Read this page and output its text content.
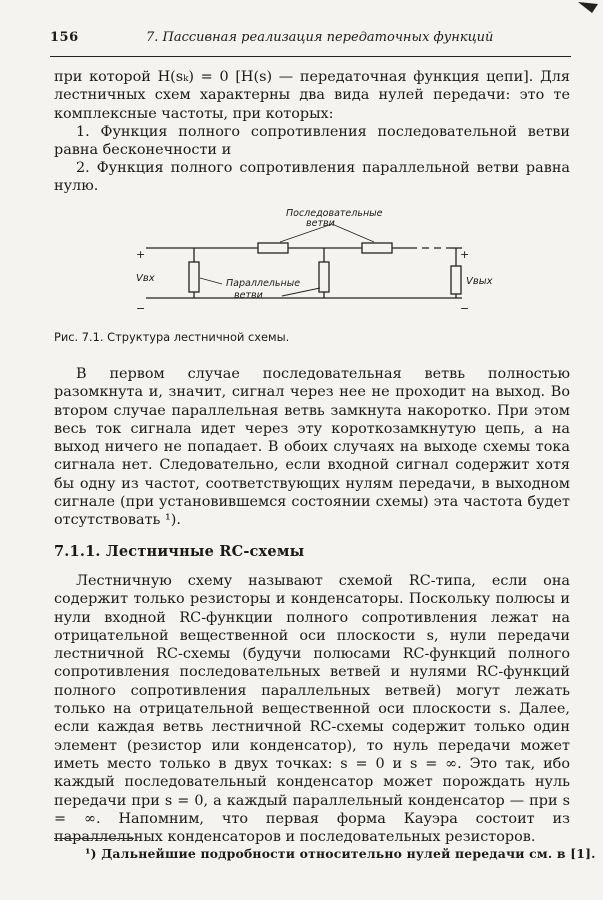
156	7. Пассивная реализация передаточных функций

при которой H(sₖ) = 0 [H(s) — передаточная функция цепи]. Для лестничных схем характерны два вида нулей передачи: это те комплексные частоты, при которых:

1. Функция полного сопротивления последовательной ветви равна бесконечности и

2. Функция полного сопротивления параллельной ветви равна нулю.

Последовательные
ветви
Параллельные
ветви
Vвх	Vвых
+
−
+
−
Рис. 7.1. Структура лестничной схемы.

В первом случае последовательная ветвь полностью разомкнута и, значит, сигнал через нее не проходит на выход. Во втором случае параллельная ветвь замкнута накоротко. При этом весь ток сигнала идет через эту короткозамкнутую цепь, а на выход ничего не попадает. В обоих случаях на выходе схемы тока сигнала нет. Следовательно, если входной сигнал содержит хотя бы одну из частот, соответствующих нулям передачи, в выходном сигнале (при установившемся состоянии схемы) эта частота будет отсутствовать ¹).

7.1.1. Лестничные RC-схемы

Лестничную схему называют схемой RC-типа, если она содержит только резисторы и конденсаторы. Поскольку полюсы и нули входной RC-функции полного сопротивления лежат на отрицательной вещественной оси плоскости s, нули передачи лестничной RC-схемы (будучи полюсами RC-функций полного сопротивления последовательных ветвей и нулями RC-функций полного сопротивления параллельных ветвей) могут лежать только на отрицательной вещественной оси плоскости s. Далее, если каждая ветвь лестничной RC-схемы содержит только один элемент (резистор или конденсатор), то нуль передачи может иметь место только в двух точках: s = 0 и s = ∞. Это так, ибо каждый последовательный конденсатор может порождать нуль передачи при s = 0, а каждый параллельный конденсатор — при s = ∞. Напомним, что первая форма Кауэра состоит из параллельных конденсаторов и последовательных резисторов.

¹) Дальнейшие подробности относительно нулей передачи см. в [1].
